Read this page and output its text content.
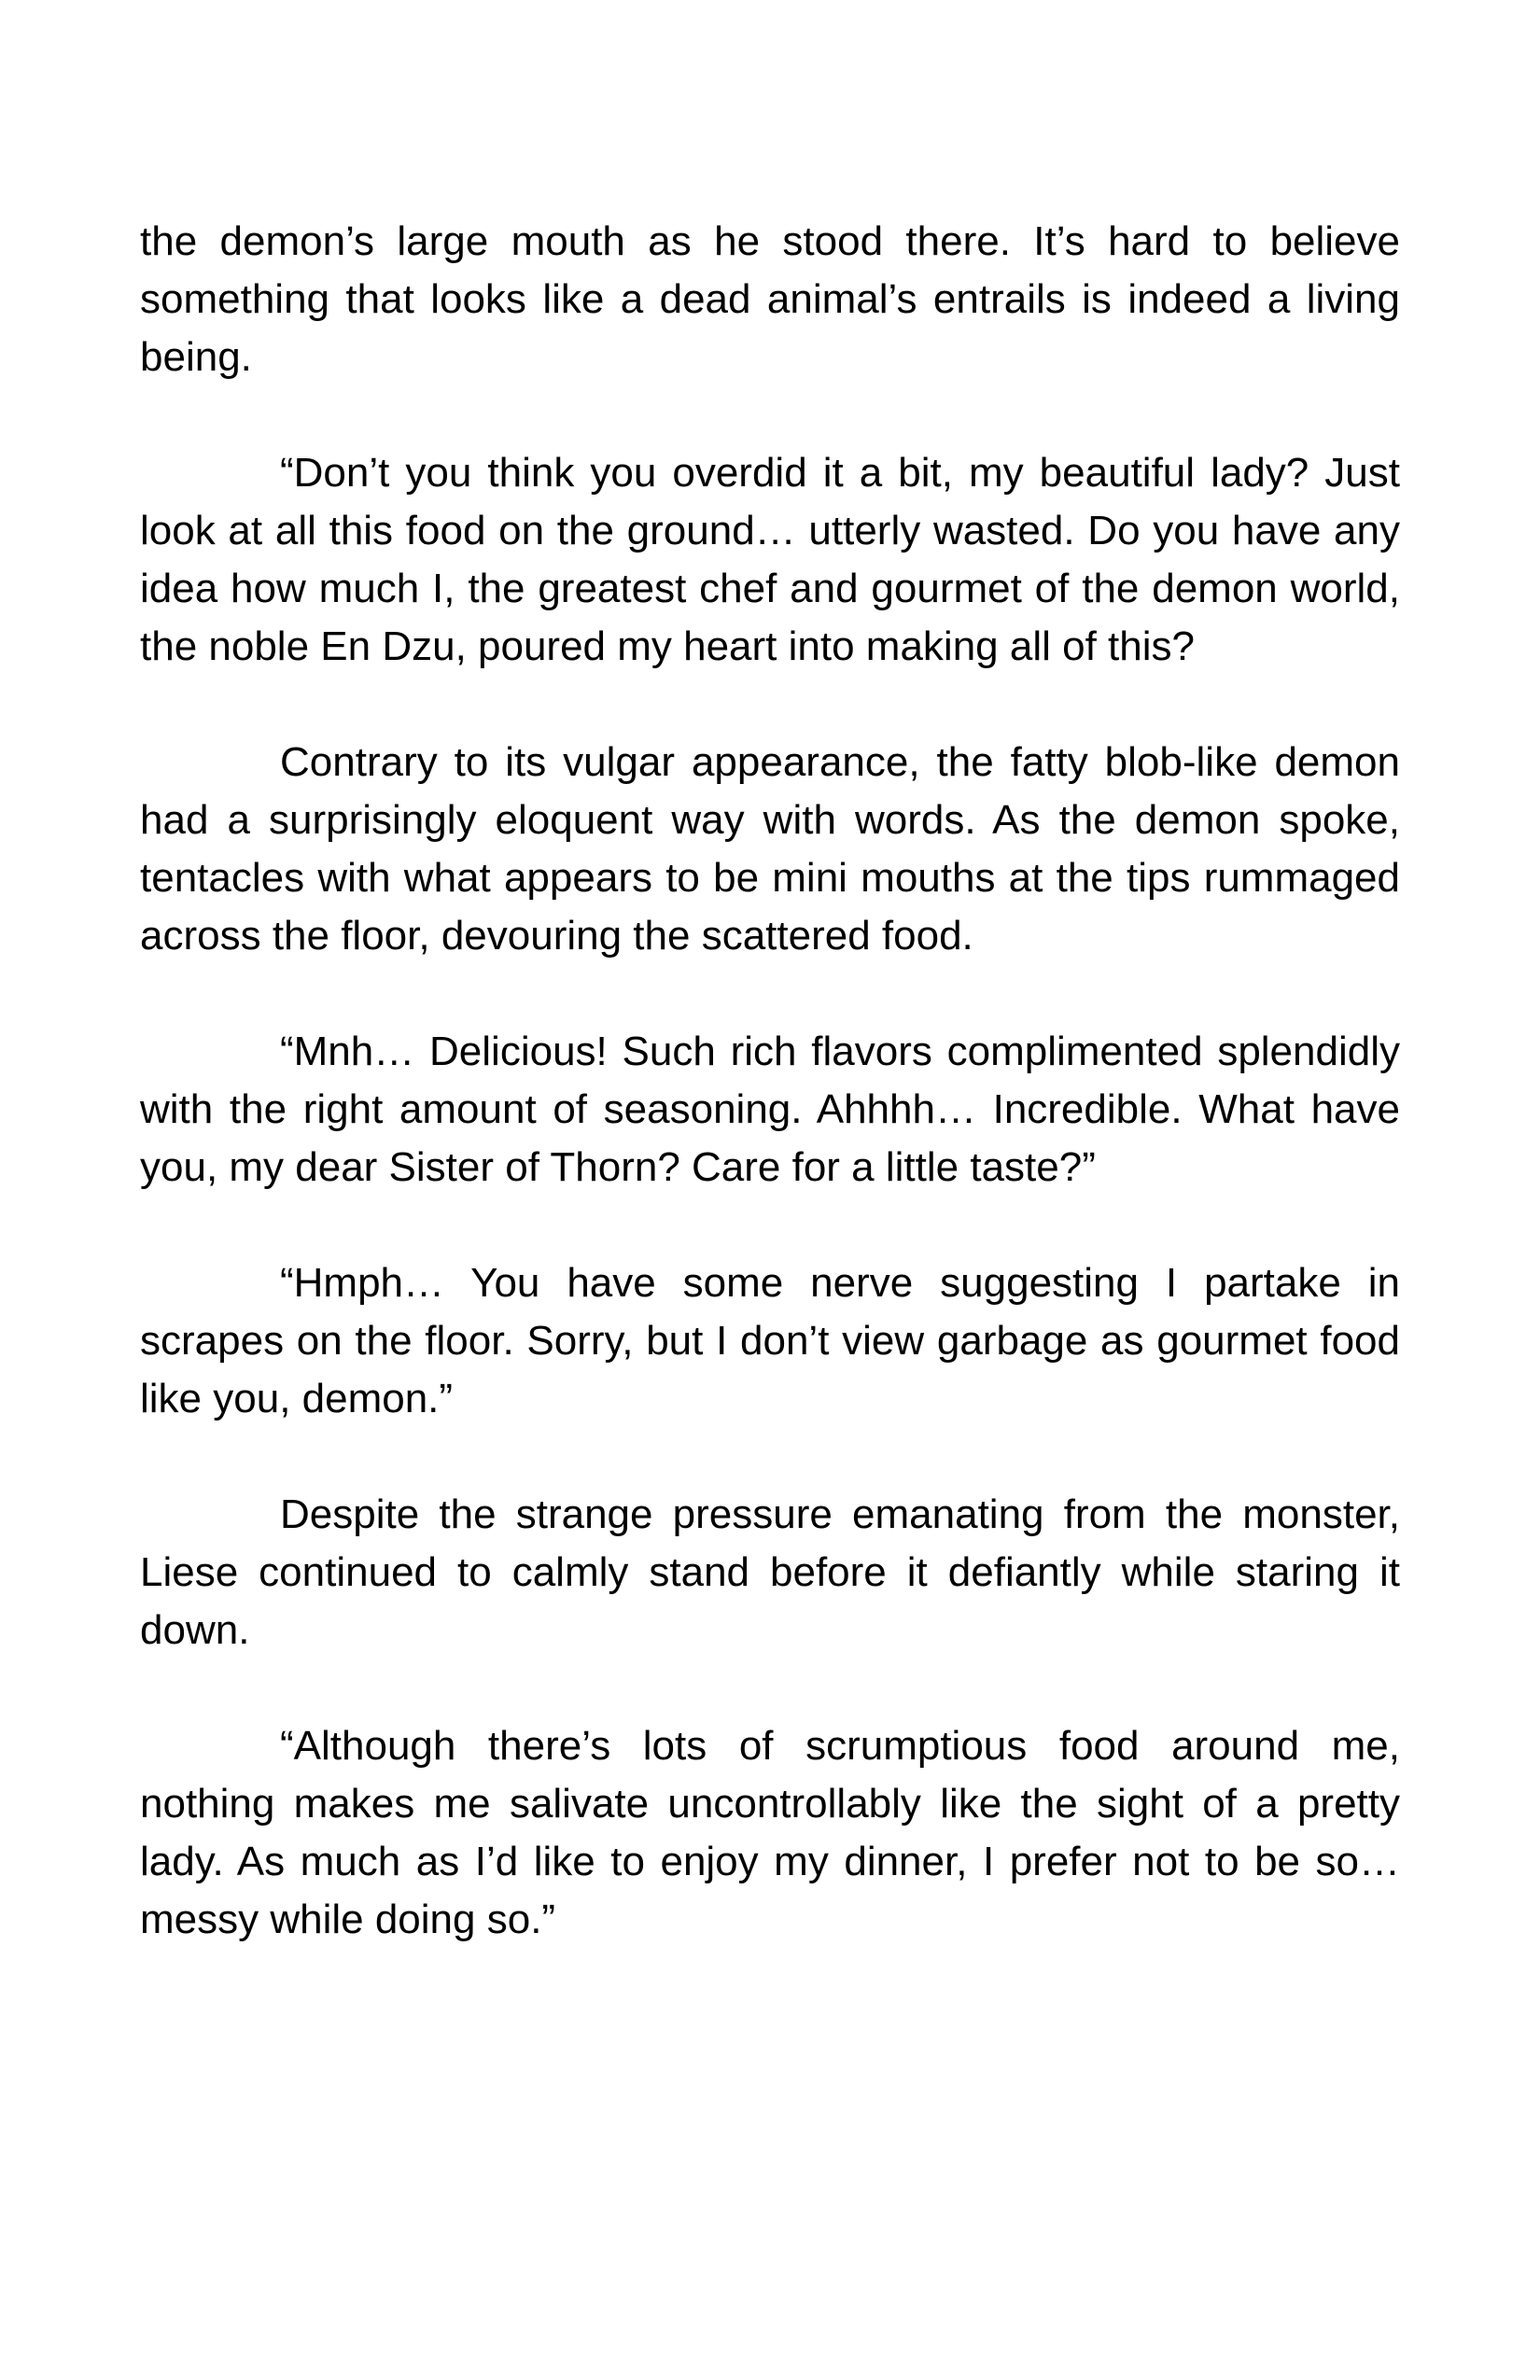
the demon’s large mouth as he stood there. It’s hard to believe something that looks like a dead animal’s entrails is indeed a living being.

“Don’t you think you overdid it a bit, my beautiful lady? Just look at all this food on the ground… utterly wasted. Do you have any idea how much I, the greatest chef and gourmet of the demon world, the noble En Dzu, poured my heart into making all of this?

Contrary to its vulgar appearance, the fatty blob-like demon had a surprisingly eloquent way with words. As the demon spoke, tentacles with what appears to be mini mouths at the tips rummaged across the floor, devouring the scattered food.

“Mnh… Delicious! Such rich flavors complimented splendidly with the right amount of seasoning. Ahhhh… Incredible. What have you, my dear Sister of Thorn? Care for a little taste?”

“Hmph… You have some nerve suggesting I partake in scrapes on the floor. Sorry, but I don’t view garbage as gourmet food like you, demon.”

Despite the strange pressure emanating from the monster, Liese continued to calmly stand before it defiantly while staring it down.

“Although there’s lots of scrumptious food around me, nothing makes me salivate uncontrollably like the sight of a pretty lady. As much as I’d like to enjoy my dinner, I prefer not to be so… messy while doing so.”
